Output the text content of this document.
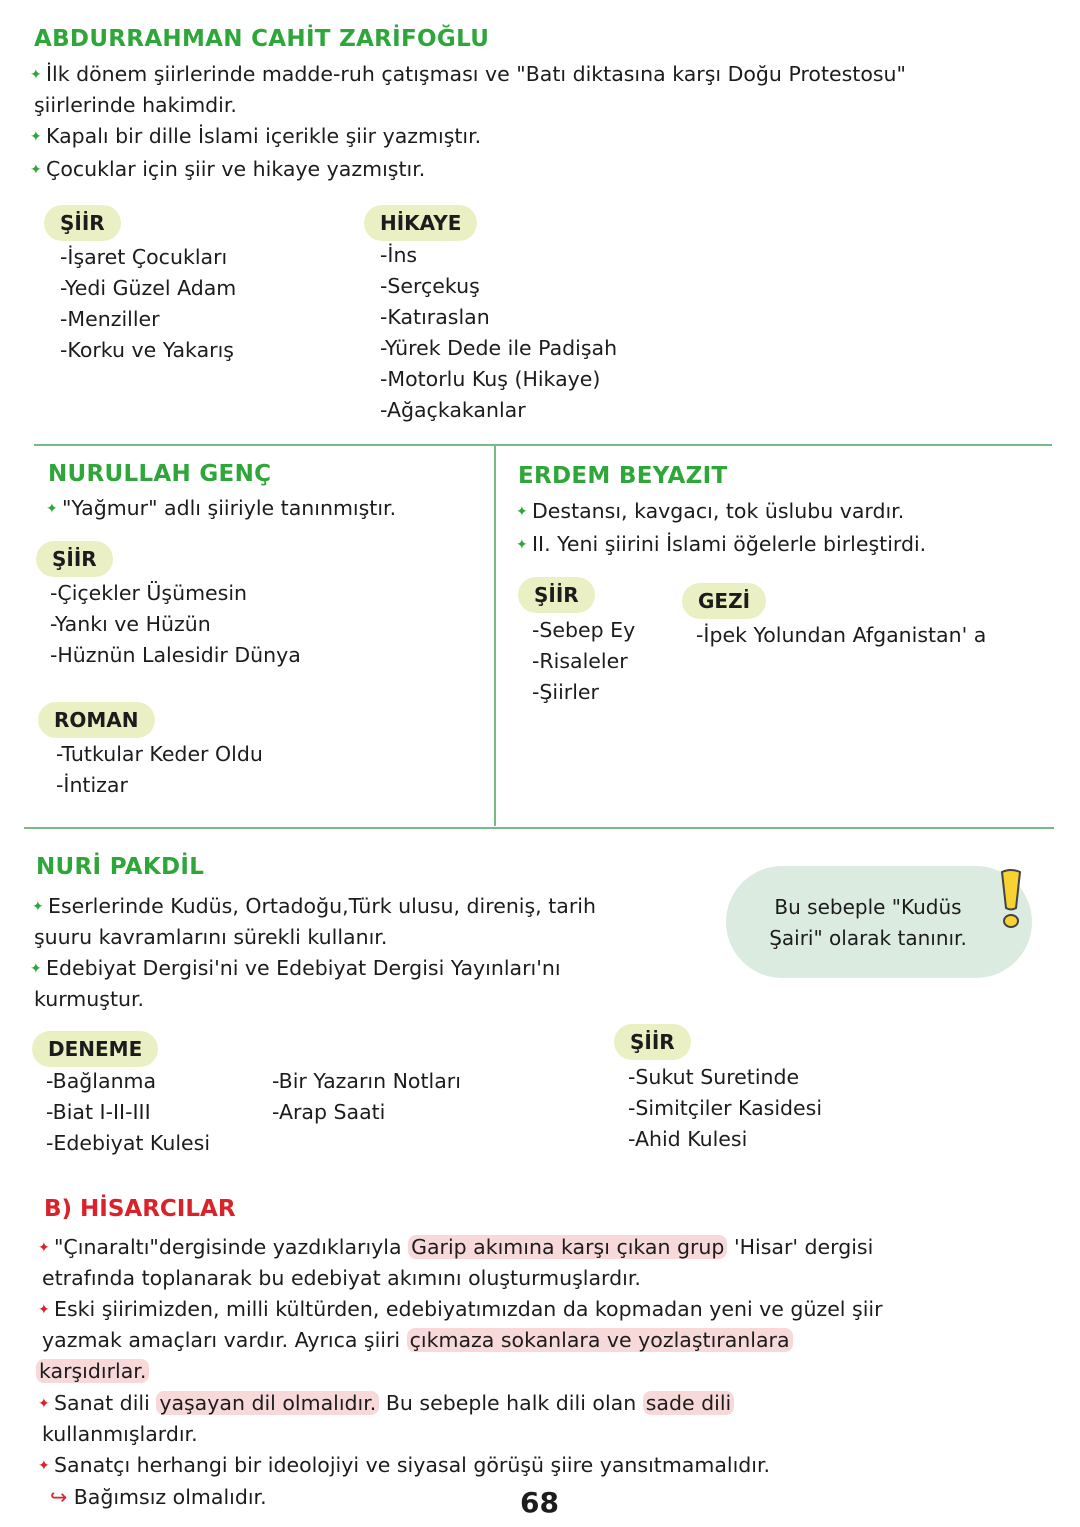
ABDURRAHMAN CAHİT ZARİFOĞLU
✦ İlk dönem şiirlerinde madde-ruh çatışması ve "Batı diktasına karşı Doğu Protestosu"
şiirlerinde hakimdir.
✦ Kapalı bir dille İslami içerikle şiir yazmıştır.
✦ Çocuklar için şiir ve hikaye yazmıştır.
ŞİİR
-İşaret Çocukları
-Yedi Güzel Adam
-Menziller
-Korku ve Yakarış
HİKAYE
-İns
-Serçekuş
-Katıraslan
-Yürek Dede ile Padişah
-Motorlu Kuş (Hikaye)
-Ağaçkakanlar
NURULLAH GENÇ
✦ "Yağmur" adlı şiiriyle tanınmıştır.
ŞİİR
-Çiçekler Üşümesin
-Yankı ve Hüzün
-Hüznün Lalesidir Dünya
ROMAN
-Tutkular Keder Oldu
-İntizar
ERDEM BEYAZIT
✦ Destansı, kavgacı, tok üslubu vardır.
✦ II. Yeni şiirini İslami öğelerle birleştirdi.
ŞİİR
-Sebep Ey
-Risaleler
-Şiirler
GEZİ
-İpek Yolundan Afganistan' a
NURİ PAKDİL
✦ Eserlerinde Kudüs, Ortadoğu,Türk ulusu, direniş, tarih
şuuru kavramlarını sürekli kullanır.
✦ Edebiyat Dergisi'ni ve Edebiyat Dergisi Yayınları'nı
kurmuştur.
Bu sebeple "Kudüs Şairi" olarak tanınır.
DENEME
-Bağlanma
-Biat I-II-III
-Edebiyat Kulesi
-Bir Yazarın Notları
-Arap Saati
ŞİİR
-Sukut Suretinde
-Simitçiler Kasidesi
-Ahid Kulesi
B) HİSARCILAR
✦ "Çınaraltı"dergisinde yazdıklarıyla Garip akımına karşı çıkan grup 'Hisar' dergisi
etrafında toplanarak bu edebiyat akımını oluşturmuşlardır.
✦ Eski şiirimizden, milli kültürden, edebiyatımızdan da kopmadan yeni ve güzel şiir
yazmak amaçları vardır. Ayrıca şiiri çıkmaza sokanlara ve yozlaştıranlara
karşıdırlar.
✦ Sanat dili yaşayan dil olmalıdır. Bu sebeple halk dili olan sade dili
kullanmışlardır.
✦ Sanatçı herhangi bir ideolojiyi ve siyasal görüşü şiire yansıtmamalıdır.
↪ Bağımsız olmalıdır.	68
